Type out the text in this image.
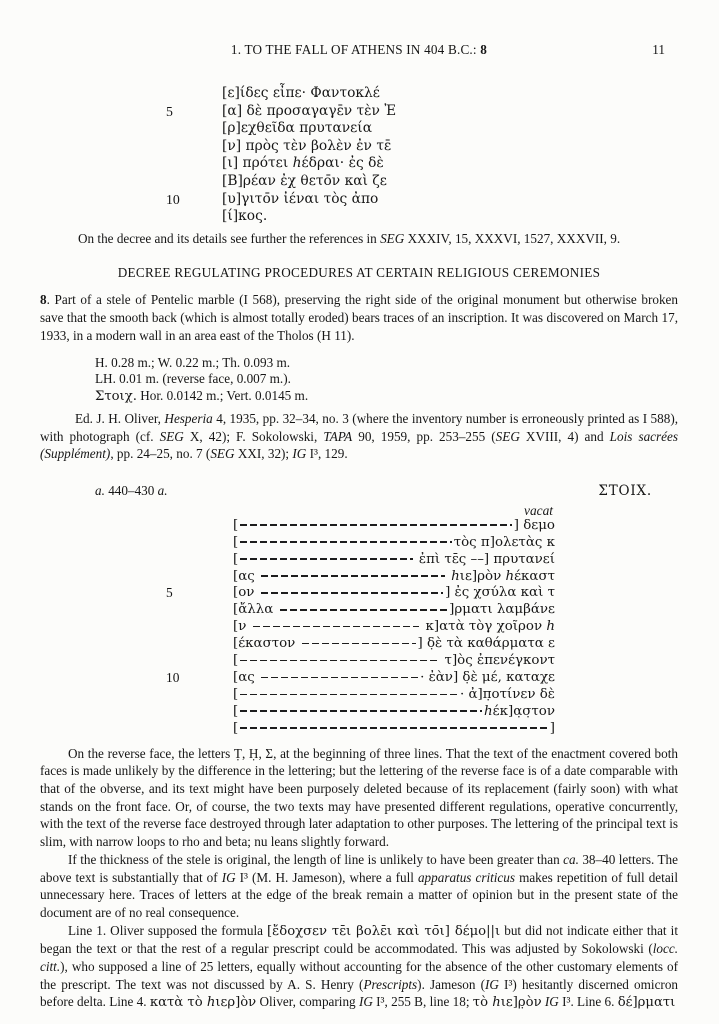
1. TO THE FALL OF ATHENS IN 404 B.C.: 8	11
[ε]ίδες εἶπε· Φαντοκλέ
5	[α] δὲ προσαγαγε̄ν τὲν Ἐ
[ρ]εχθεῖδα πρυτανεία
[ν] πρὸς τὲν βολὲν ἐν τε̄
[ι] πρότει hέδραι· ἐς δὲ
[Β]ρέαν ἐχ θετο̄ν καὶ ζε
10	[υ]γιτο̄ν ἰέναι τὸς ἀπο
[ί]κος.

On the decree and its details see further the references in SEG XXXIV, 15, XXXVI, 1527, XXXVII, 9.

DECREE REGULATING PROCEDURES AT CERTAIN RELIGIOUS CEREMONIES

8. Part of a stele of Pentelic marble (I 568), preserving the right side of the original monument but otherwise broken save that the smooth back (which is almost totally eroded) bears traces of an inscription. It was discovered on March 17, 1933, in a modern wall in an area east of the Tholos (H 11).

H. 0.28 m.; W. 0.22 m.; Th. 0.093 m.
LH. 0.01 m. (reverse face, 0.007 m.).
Στοιχ. Hor. 0.0142 m.; Vert. 0.0145 m.

Ed. J. H. Oliver, Hesperia 4, 1935, pp. 32–34, no. 3 (where the inventory number is erroneously printed as I 588), with photograph (cf. SEG X, 42); F. Sokolowski, TAPA 90, 1959, pp. 253–255 (SEG XVIII, 4) and Lois sacrées (Supplément), pp. 24–25, no. 7 (SEG XXI, 32); IG I³, 129.

a. 440–430 a.	ΣΤΟΙΧ.
vacat
[	] δεμο
[	τὸς π]ολετὰς κ
[	ἐπὶ τε̄ς ––] πρυτανεί
[ας	hιε]ρὸν hέκαστ
5	[ον	] ἐς χσύλα καὶ τ
[ἄλλα	]ρματι λαμβάνε
[ν	κ]ατὰ τὸγ χοῖρον h
[έκαστον	] δ̣ὲ τὰ καθάρματα ε
[	τ]ὸς ἐπενέγκοντ
10	[ας	· ἐὰν] δ̣ὲ μέ, καταχε
[	· ἀ]π̣οτίνεν δὲ
[	hέκ]α̣σ̣τον
[	]

On the reverse face, the letters Ṭ, Ḥ, Σ, at the beginning of three lines. That the text of the enactment covered both faces is made unlikely by the difference in the lettering; but the lettering of the reverse face is of a date comparable with that of the obverse, and its text might have been purposely deleted because of its replacement (fairly soon) with what stands on the front face. Or, of course, the two texts may have presented different regulations, operative concurrently, with the text of the reverse face destroyed through later adaptation to other purposes. The lettering of the principal text is slim, with narrow loops to rho and beta; nu leans slightly forward.

If the thickness of the stele is original, the length of line is unlikely to have been greater than ca. 38–40 letters. The above text is substantially that of IG I³ (M. H. Jameson), where a full apparatus criticus makes repetition of full detail unnecessary here. Traces of letters at the edge of the break remain a matter of opinion but in the present state of the document are of no real consequence.

Line 1. Oliver supposed the formula [ἔδοχσεν τε̄ι βολε̄ι καὶ το̄ι] δέμο||ι but did not indicate either that it began the text or that the rest of a regular prescript could be accommodated. This was adjusted by Sokolowski (locc. citt.), who supposed a line of 25 letters, equally without accounting for the absence of the other customary elements of the prescript. The text was not discussed by A. S. Henry (Prescripts). Jameson (IG I³) hesitantly discerned omicron before delta. Line 4. κατὰ τὸ hιερ]ὸν Oliver, comparing IG I³, 255 B, line 18; τὸ hιε]ρ̣ὸν IG I³. Line 6. δέ]ρματι
